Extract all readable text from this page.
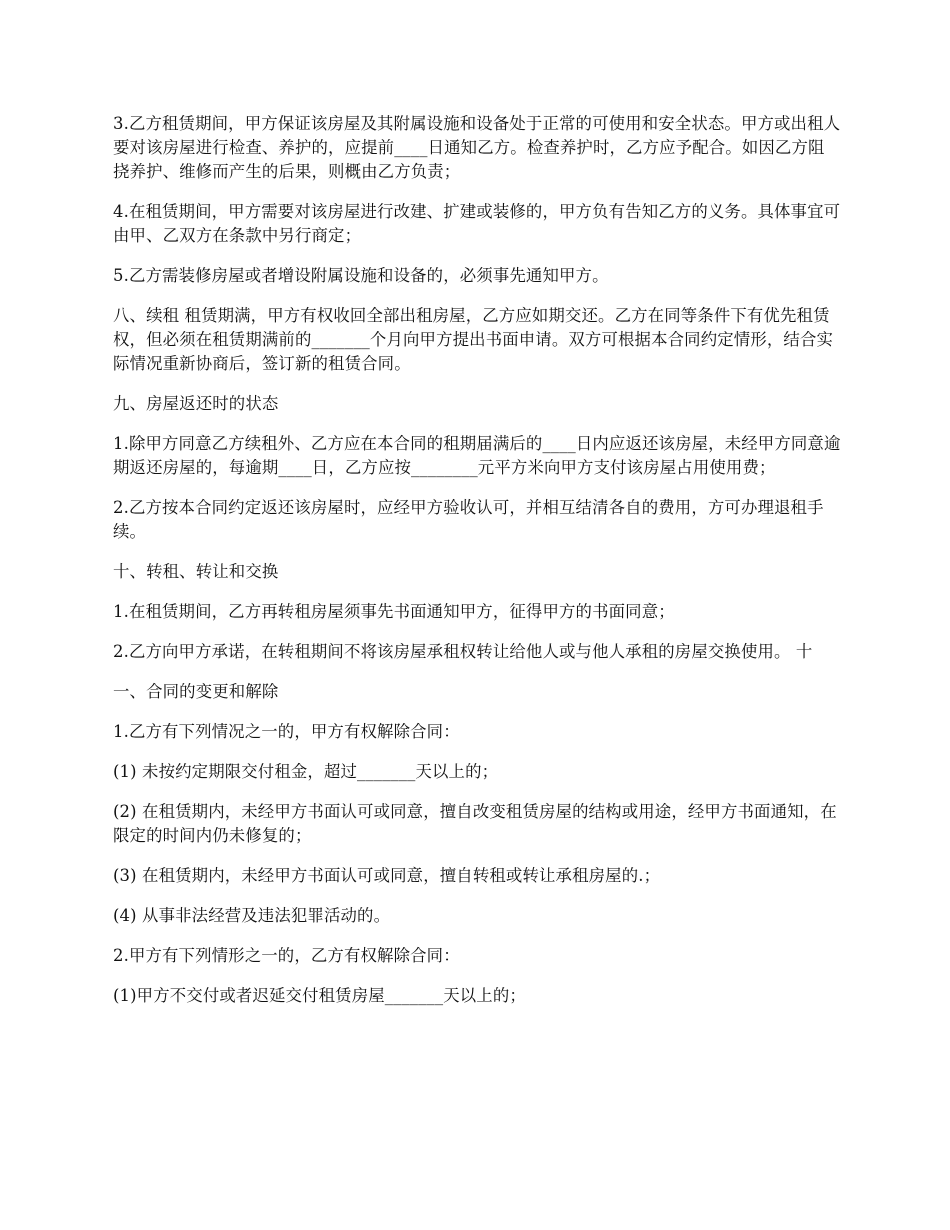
3.乙方租赁期间，甲方保证该房屋及其附属设施和设备处于正常的可使用和安全状态。甲方或出租人要对该房屋进行检查、养护的，应提前____日通知乙方。检查养护时，乙方应予配合。如因乙方阻挠养护、维修而产生的后果，则概由乙方负责；

4.在租赁期间，甲方需要对该房屋进行改建、扩建或装修的，甲方负有告知乙方的义务。具体事宜可由甲、乙双方在条款中另行商定；

5.乙方需装修房屋或者增设附属设施和设备的，必须事先通知甲方。

八、续租 租赁期满，甲方有权收回全部出租房屋，乙方应如期交还。乙方在同等条件下有优先租赁权，但必须在租赁期满前的_______个月向甲方提出书面申请。双方可根据本合同约定情形，结合实际情况重新协商后，签订新的租赁合同。

九、房屋返还时的状态

1.除甲方同意乙方续租外、乙方应在本合同的租期届满后的____日内应返还该房屋，未经甲方同意逾期返还房屋的，每逾期____日，乙方应按________元平方米向甲方支付该房屋占用使用费；

2.乙方按本合同约定返还该房屋时，应经甲方验收认可，并相互结清各自的费用，方可办理退租手续。

十、转租、转让和交换

1.在租赁期间，乙方再转租房屋须事先书面通知甲方，征得甲方的书面同意；

2.乙方向甲方承诺，在转租期间不将该房屋承租权转让给他人或与他人承租的房屋交换使用。 十

一、合同的变更和解除

1.乙方有下列情况之一的，甲方有权解除合同：

(1) 未按约定期限交付租金，超过_______天以上的；

(2) 在租赁期内，未经甲方书面认可或同意，擅自改变租赁房屋的结构或用途，经甲方书面通知，在限定的时间内仍未修复的；

(3) 在租赁期内，未经甲方书面认可或同意，擅自转租或转让承租房屋的.；

(4) 从事非法经营及违法犯罪活动的。

2.甲方有下列情形之一的，乙方有权解除合同：

(1)甲方不交付或者迟延交付租赁房屋_______天以上的；
